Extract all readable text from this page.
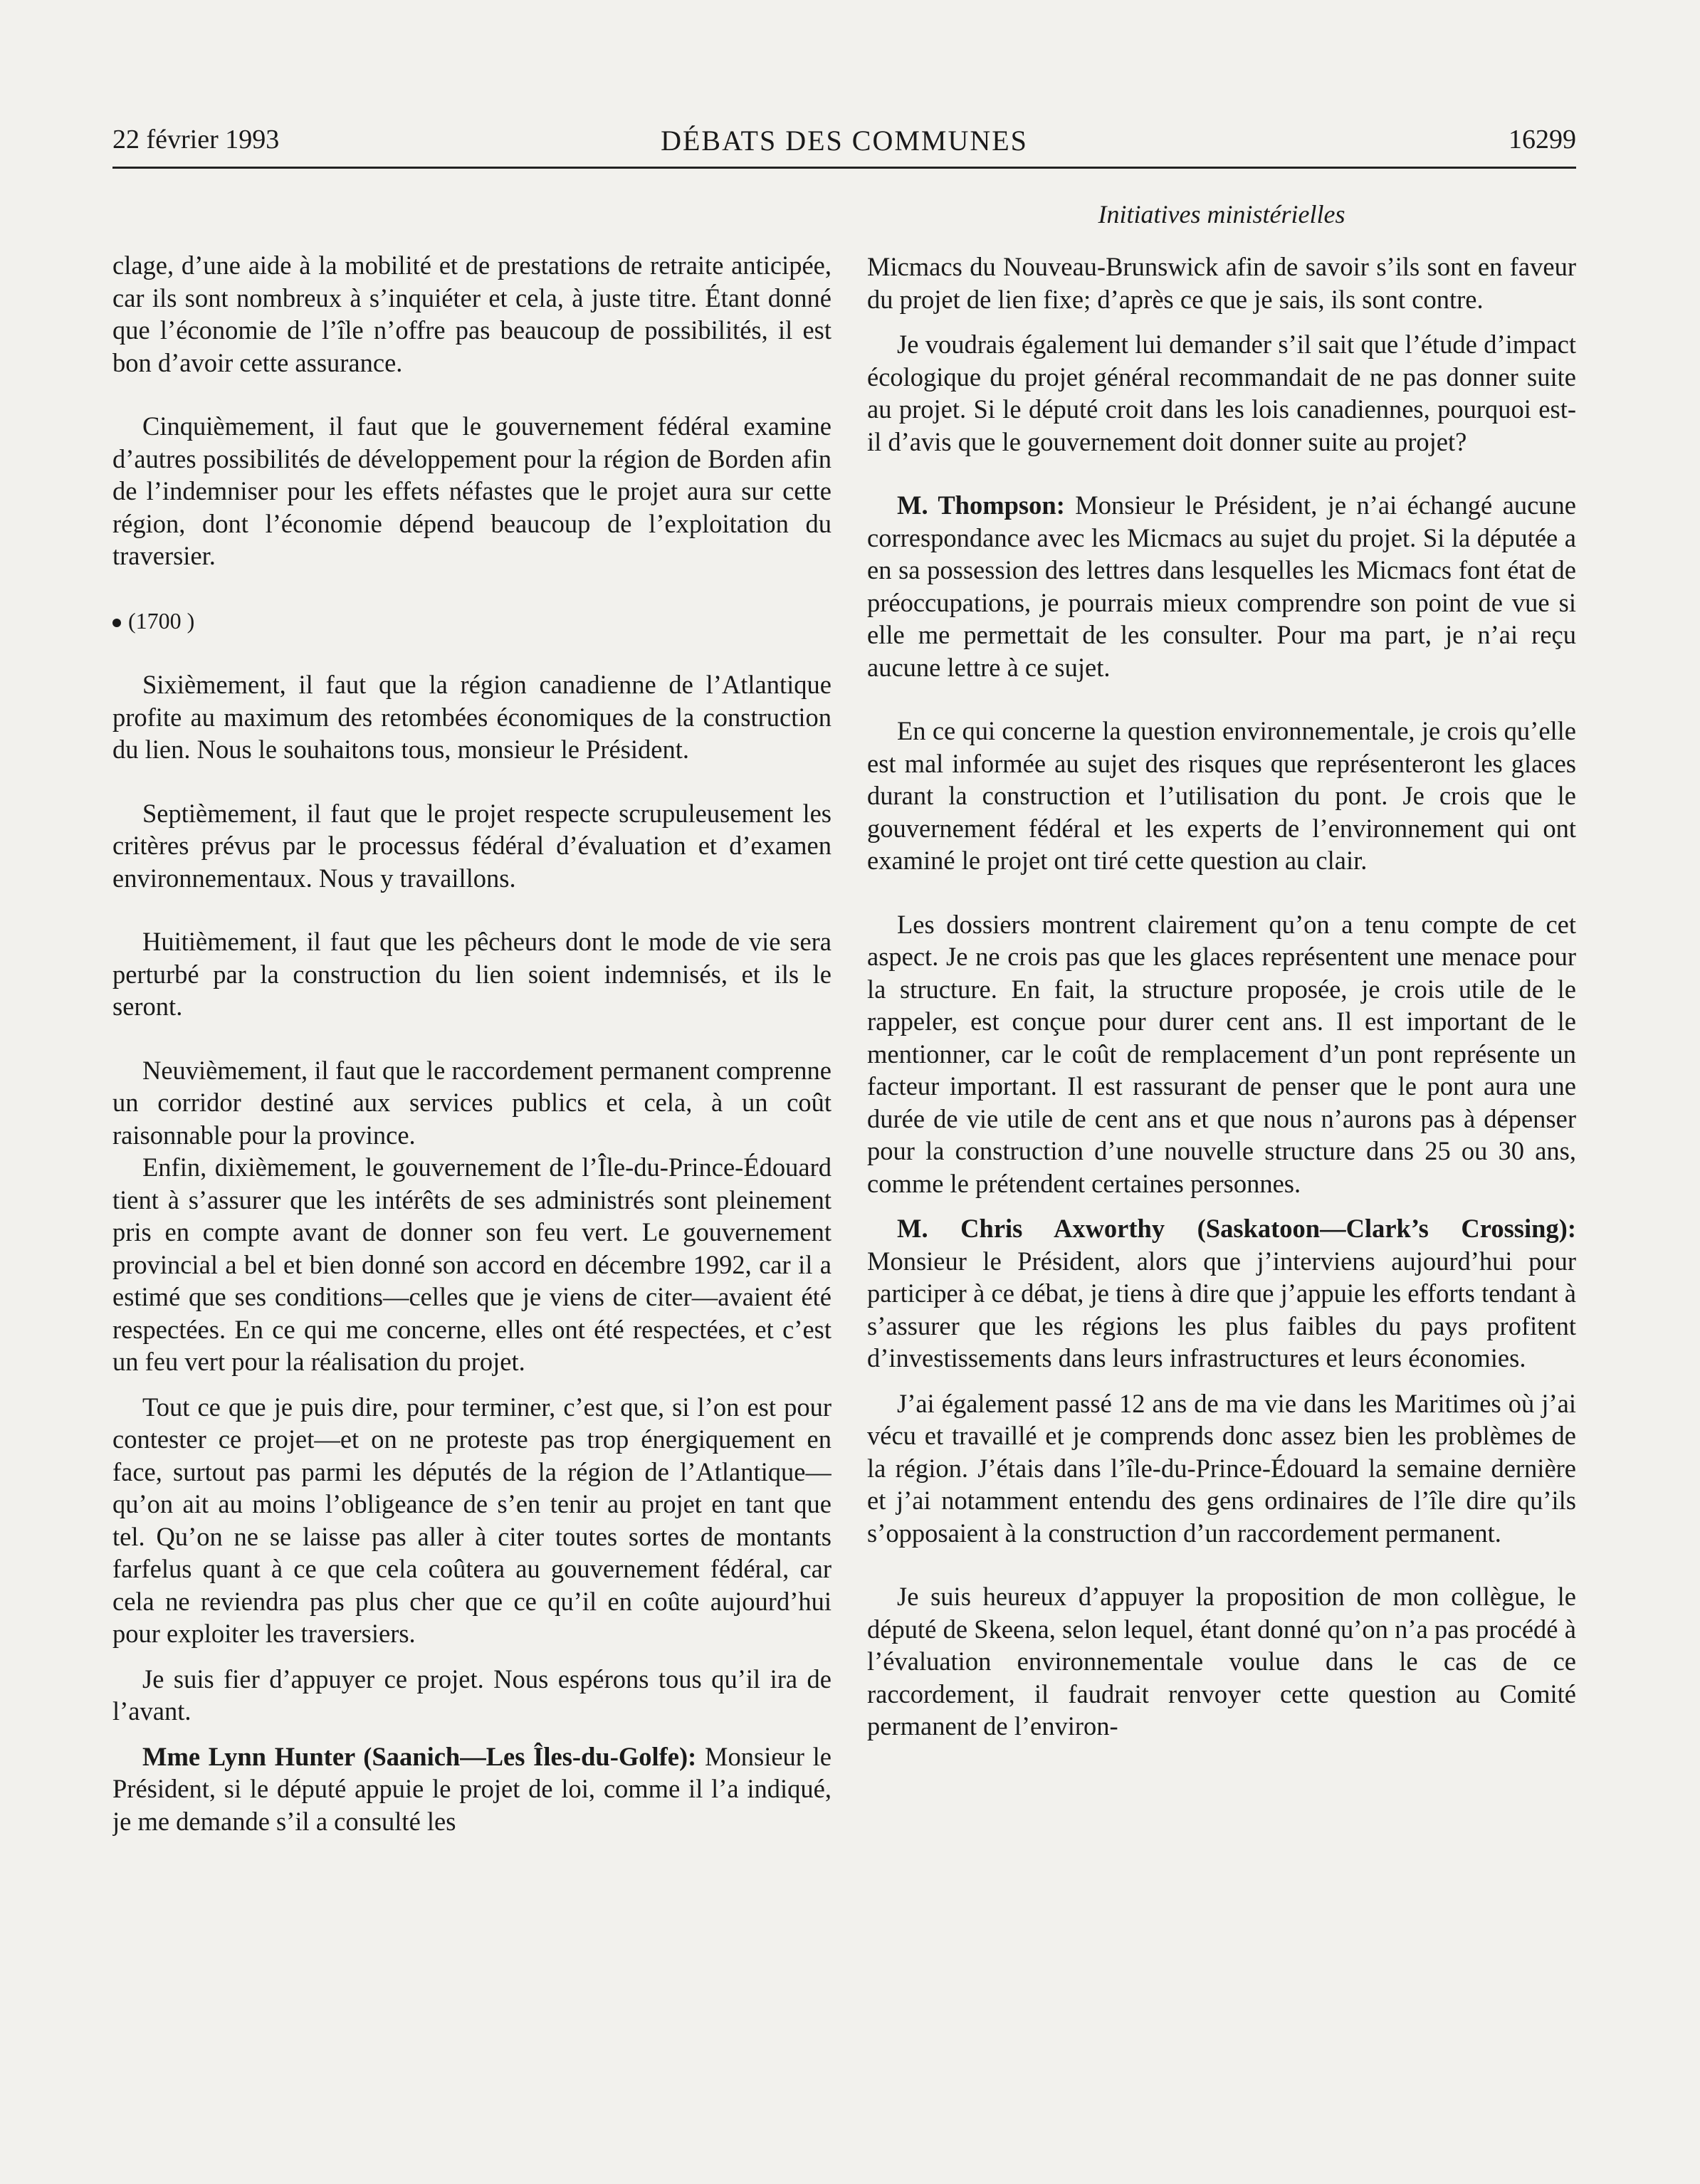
22 février 1993	DÉBATS DES COMMUNES	16299
Initiatives ministérielles

clage, d’une aide à la mobilité et de prestations de retraite anticipée, car ils sont nombreux à s’inquiéter et cela, à juste titre. Étant donné que l’économie de l’île n’offre pas beaucoup de possibilités, il est bon d’avoir cette assurance.

Cinquièmement, il faut que le gouvernement fédéral examine d’autres possibilités de développement pour la région de Borden afin de l’indemniser pour les effets néfastes que le projet aura sur cette région, dont l’économie dépend beaucoup de l’exploitation du traversier.

(1700 )

Sixièmement, il faut que la région canadienne de l’Atlantique profite au maximum des retombées économiques de la construction du lien. Nous le souhaitons tous, monsieur le Président.

Septièmement, il faut que le projet respecte scrupuleusement les critères prévus par le processus fédéral d’évaluation et d’examen environnementaux. Nous y travaillons.

Huitièmement, il faut que les pêcheurs dont le mode de vie sera perturbé par la construction du lien soient indemnisés, et ils le seront.

Neuvièmement, il faut que le raccordement permanent comprenne un corridor destiné aux services publics et cela, à un coût raisonnable pour la province.

Enfin, dixièmement, le gouvernement de l’Île-du-Prince-Édouard tient à s’assurer que les intérêts de ses administrés sont pleinement pris en compte avant de donner son feu vert. Le gouvernement provincial a bel et bien donné son accord en décembre 1992, car il a estimé que ses conditions—celles que je viens de citer—avaient été respectées. En ce qui me concerne, elles ont été respectées, et c’est un feu vert pour la réalisation du projet.

Tout ce que je puis dire, pour terminer, c’est que, si l’on est pour contester ce projet—et on ne proteste pas trop énergiquement en face, surtout pas parmi les députés de la région de l’Atlantique—qu’on ait au moins l’obligeance de s’en tenir au projet en tant que tel. Qu’on ne se laisse pas aller à citer toutes sortes de montants farfelus quant à ce que cela coûtera au gouvernement fédéral, car cela ne reviendra pas plus cher que ce qu’il en coûte aujourd’hui pour exploiter les traversiers.

Je suis fier d’appuyer ce projet. Nous espérons tous qu’il ira de l’avant.

Mme Lynn Hunter (Saanich—Les Îles-du-Golfe): Monsieur le Président, si le député appuie le projet de loi, comme il l’a indiqué, je me demande s’il a consulté les

Micmacs du Nouveau-Brunswick afin de savoir s’ils sont en faveur du projet de lien fixe; d’après ce que je sais, ils sont contre.

Je voudrais également lui demander s’il sait que l’étude d’impact écologique du projet général recommandait de ne pas donner suite au projet. Si le député croit dans les lois canadiennes, pourquoi est-il d’avis que le gouvernement doit donner suite au projet?

M. Thompson: Monsieur le Président, je n’ai échangé aucune correspondance avec les Micmacs au sujet du projet. Si la députée a en sa possession des lettres dans lesquelles les Micmacs font état de préoccupations, je pourrais mieux comprendre son point de vue si elle me permettait de les consulter. Pour ma part, je n’ai reçu aucune lettre à ce sujet.

En ce qui concerne la question environnementale, je crois qu’elle est mal informée au sujet des risques que représenteront les glaces durant la construction et l’utilisation du pont. Je crois que le gouvernement fédéral et les experts de l’environnement qui ont examiné le projet ont tiré cette question au clair.

Les dossiers montrent clairement qu’on a tenu compte de cet aspect. Je ne crois pas que les glaces représentent une menace pour la structure. En fait, la structure proposée, je crois utile de le rappeler, est conçue pour durer cent ans. Il est important de le mentionner, car le coût de remplacement d’un pont représente un facteur important. Il est rassurant de penser que le pont aura une durée de vie utile de cent ans et que nous n’aurons pas à dépenser pour la construction d’une nouvelle structure dans 25 ou 30 ans, comme le prétendent certaines personnes.

M. Chris Axworthy (Saskatoon—Clark’s Crossing): Monsieur le Président, alors que j’interviens aujourd’hui pour participer à ce débat, je tiens à dire que j’appuie les efforts tendant à s’assurer que les régions les plus faibles du pays profitent d’investissements dans leurs infrastructures et leurs économies.

J’ai également passé 12 ans de ma vie dans les Maritimes où j’ai vécu et travaillé et je comprends donc assez bien les problèmes de la région. J’étais dans l’île-du-Prince-Édouard la semaine dernière et j’ai notamment entendu des gens ordinaires de l’île dire qu’ils s’opposaient à la construction d’un raccordement permanent.

Je suis heureux d’appuyer la proposition de mon collègue, le député de Skeena, selon lequel, étant donné qu’on n’a pas procédé à l’évaluation environnementale voulue dans le cas de ce raccordement, il faudrait renvoyer cette question au Comité permanent de l’environ-
